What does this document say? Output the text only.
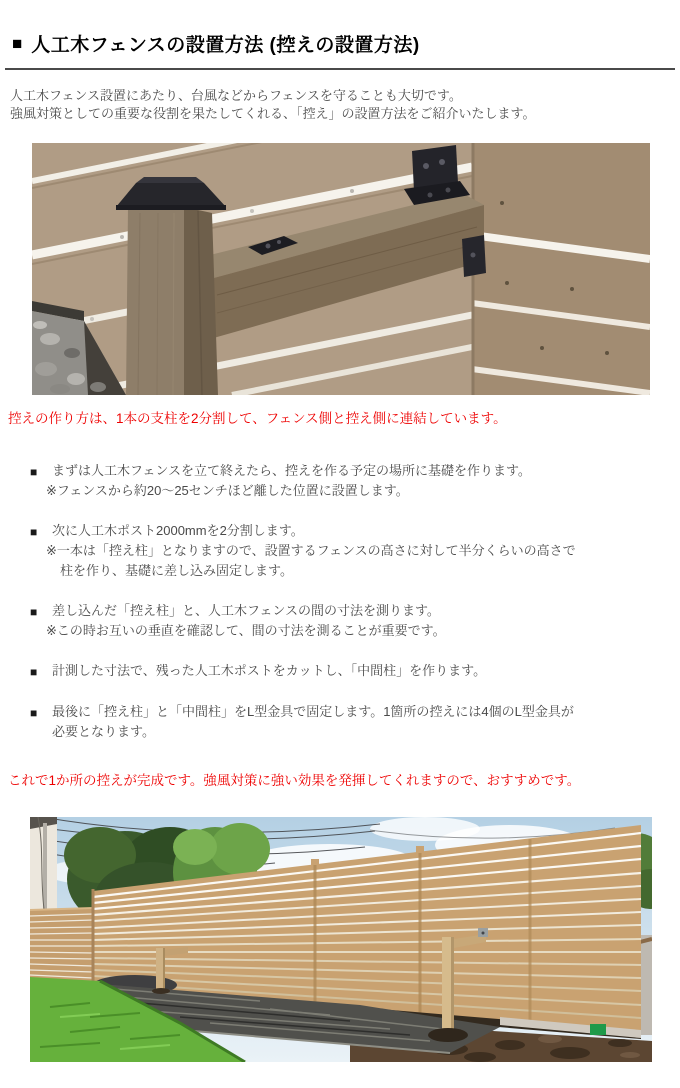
■ 人工木フェンスの設置方法 (控えの設置方法)

人工木フェンス設置にあたり、台風などからフェンスを守ることも大切です。
強風対策としての重要な役割を果たしてくれる、「控え」の設置方法をご紹介いたします。

控えの作り方は、1本の支柱を2分割して、フェンス側と控え側に連結しています。

■	まずは人工木フェンスを立て終えたら、控えを作る予定の場所に基礎を作ります。
※フェンスから約20～25センチほど離した位置に設置します。
■	次に人工木ポスト2000mmを2分割します。
※一本は「控え柱」となりますので、設置するフェンスの高さに対して半分くらいの高さで
柱を作り、基礎に差し込み固定します。
■	差し込んだ「控え柱」と、人工木フェンスの間の寸法を測ります。
※この時お互いの垂直を確認して、間の寸法を測ることが重要です。
■	計測した寸法で、残った人工木ポストをカットし、「中間柱」を作ります。
■	最後に「控え柱」と「中間柱」をL型金具で固定します。1箇所の控えには4個のL型金具が
必要となります。

これで1か所の控えが完成です。強風対策に強い効果を発揮してくれますので、おすすめです。
